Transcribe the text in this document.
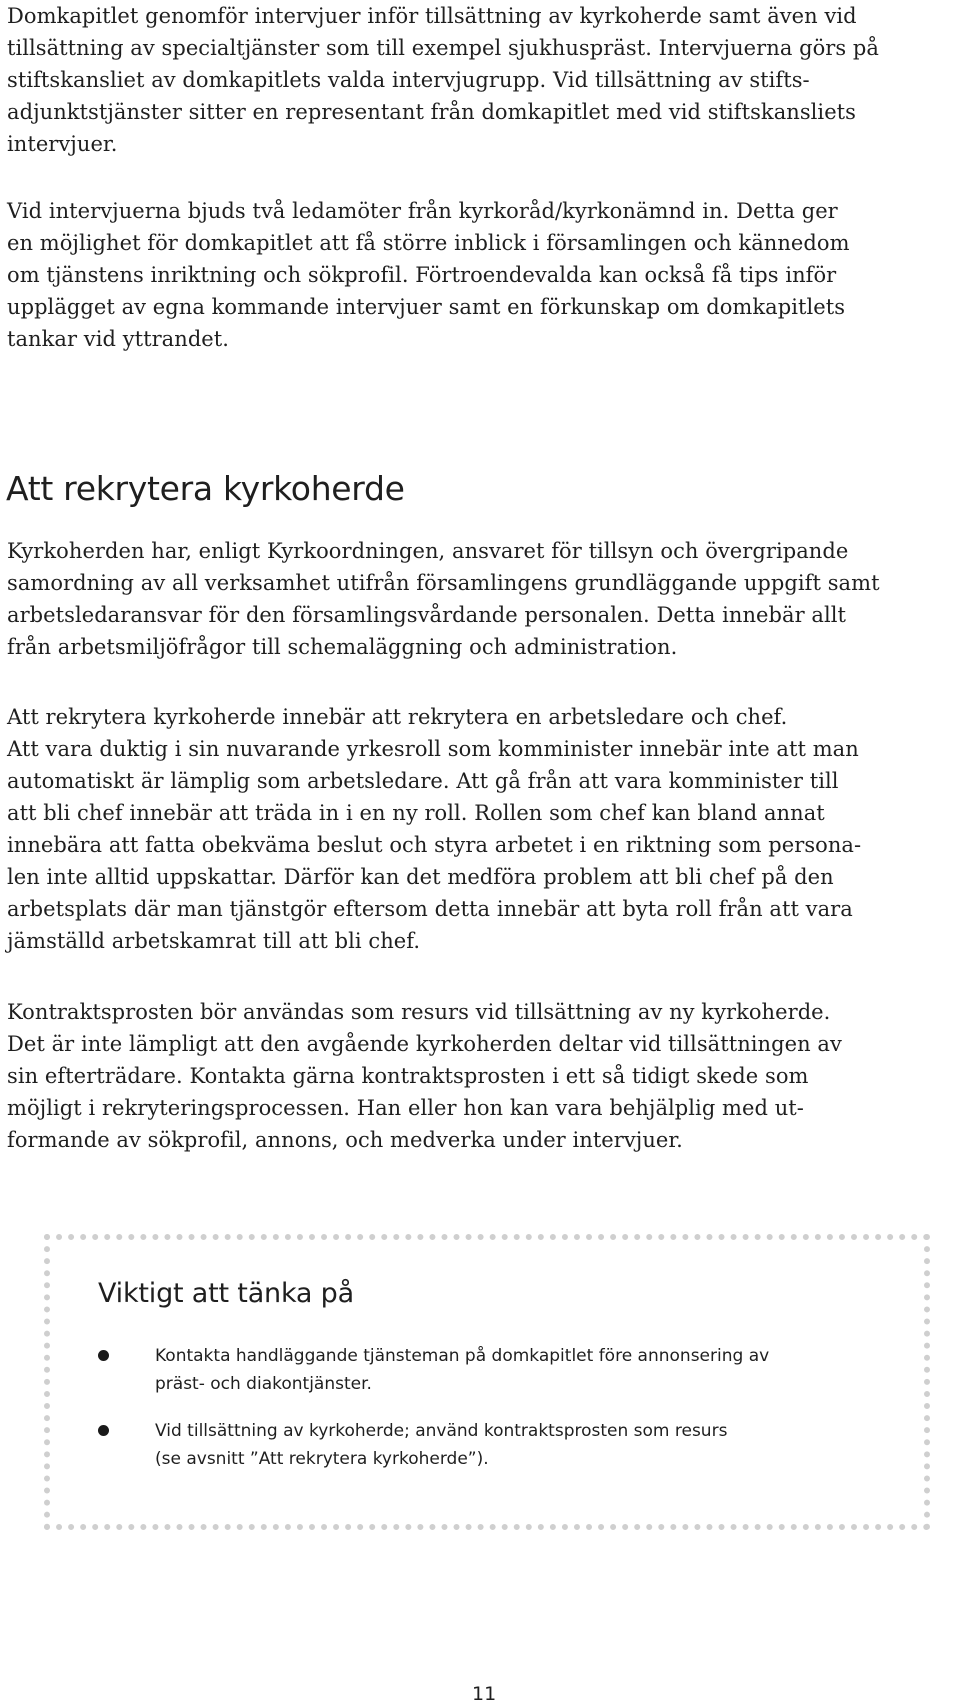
Domkapitlet genomför intervjuer inför tillsättning av kyrkoherde samt även vid
tillsättning av specialtjänster som till exempel sjukhuspräst. Intervjuerna görs på
stiftskansliet av domkapitlets valda intervjugrupp. Vid tillsättning av stifts-
adjunktstjänster sitter en representant från domkapitlet med vid stiftskansliets
intervjuer.

Vid intervjuerna bjuds två ledamöter från kyrkoråd/kyrkonämnd in. Detta ger
en möjlighet för domkapitlet att få större inblick i församlingen och kännedom
om tjänstens inriktning och sökprofil. Förtroendevalda kan också få tips inför
upplägget av egna kommande intervjuer samt en förkunskap om domkapitlets
tankar vid yttrandet.

Att rekrytera kyrkoherde

Kyrkoherden har, enligt Kyrkoordningen, ansvaret för tillsyn och övergripande
samordning av all verksamhet utifrån församlingens grundläggande uppgift samt
arbetsledaransvar för den församlingsvårdande personalen. Detta innebär allt
från arbetsmiljöfrågor till schemaläggning och administration.

Att rekrytera kyrkoherde innebär att rekrytera en arbetsledare och chef.
Att vara duktig i sin nuvarande yrkesroll som komminister innebär inte att man
automatiskt är lämplig som arbetsledare. Att gå från att vara komminister till
att bli chef innebär att träda in i en ny roll. Rollen som chef kan bland annat
innebära att fatta obekväma beslut och styra arbetet i en riktning som persona-
len inte alltid uppskattar. Därför kan det medföra problem att bli chef på den
arbetsplats där man tjänstgör eftersom detta innebär att byta roll från att vara
jämställd arbetskamrat till att bli chef.

Kontraktsprosten bör användas som resurs vid tillsättning av ny kyrkoherde.
Det är inte lämpligt att den avgående kyrkoherden deltar vid tillsättningen av
sin efterträdare. Kontakta gärna kontraktsprosten i ett så tidigt skede som
möjligt i rekryteringsprocessen. Han eller hon kan vara behjälplig med ut-
formande av sökprofil, annons, och medverka under intervjuer.

Viktigt att tänka på
Kontakta handläggande tjänsteman på domkapitlet före annonsering av
präst- och diakontjänster.
Vid tillsättning av kyrkoherde; använd kontraktsprosten som resurs
(se avsnitt ”Att rekrytera kyrkoherde”).
11
